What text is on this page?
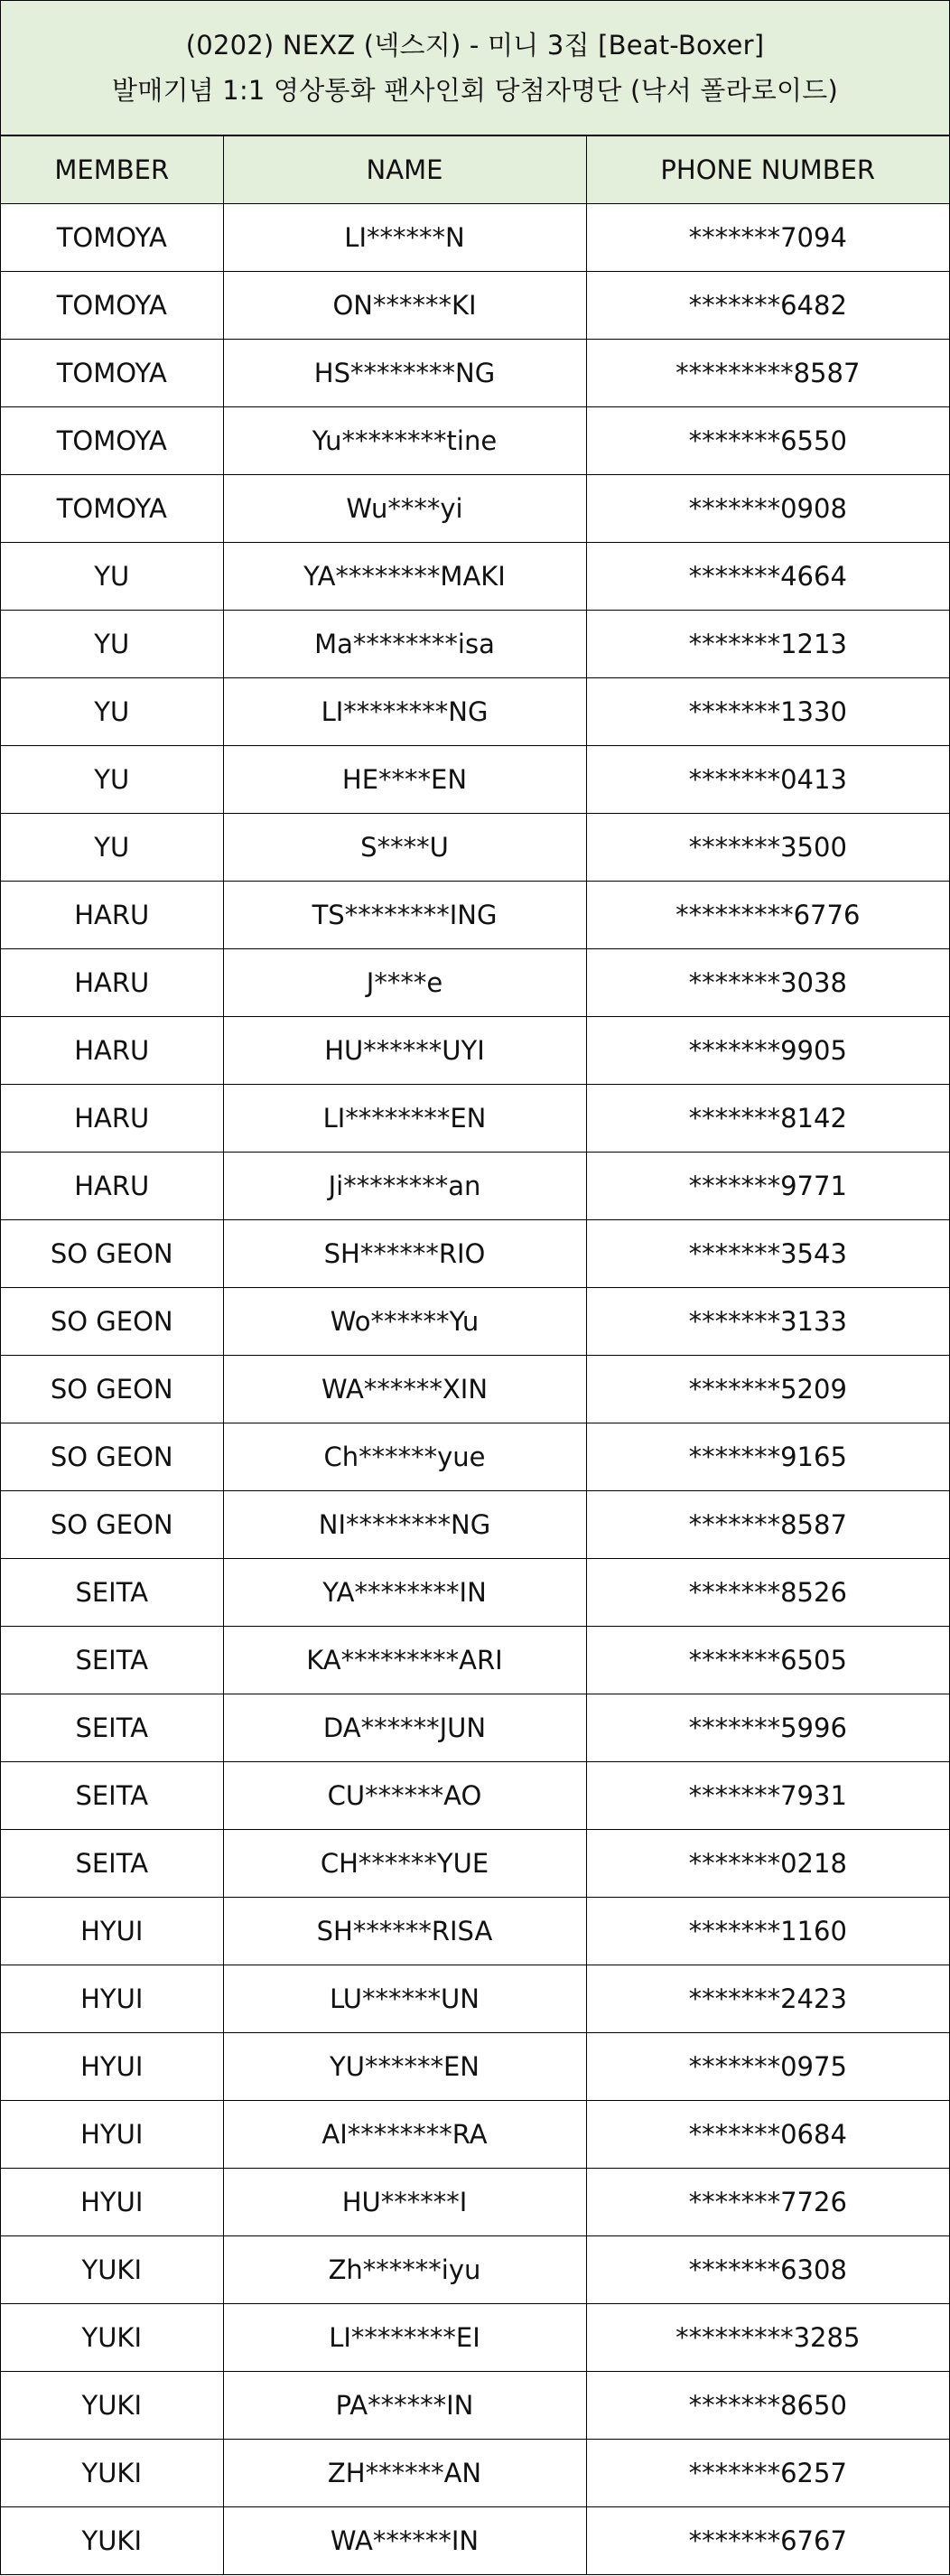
(0202) NEXZ (넥스지) - 미니 3집 [Beat-Boxer]
발매기념 1:1 영상통화 팬사인회 당첨자명단 (낙서 폴라로이드)
MEMBER	NAME	PHONE NUMBER
TOMOYA	LI******N	*******7094
TOMOYA	ON******KI	*******6482
TOMOYA	HS********NG	*********8587
TOMOYA	Yu********tine	*******6550
TOMOYA	Wu****yi	*******0908
YU	YA********MAKI	*******4664
YU	Ma********isa	*******1213
YU	LI********NG	*******1330
YU	HE****EN	*******0413
YU	S****U	*******3500
HARU	TS********ING	*********6776
HARU	J****e	*******3038
HARU	HU******UYI	*******9905
HARU	LI********EN	*******8142
HARU	Ji********an	*******9771
SO GEON	SH******RIO	*******3543
SO GEON	Wo******Yu	*******3133
SO GEON	WA******XIN	*******5209
SO GEON	Ch******yue	*******9165
SO GEON	NI********NG	*******8587
SEITA	YA********IN	*******8526
SEITA	KA*********ARI	*******6505
SEITA	DA******JUN	*******5996
SEITA	CU******AO	*******7931
SEITA	CH******YUE	*******0218
HYUI	SH******RISA	*******1160
HYUI	LU******UN	*******2423
HYUI	YU******EN	*******0975
HYUI	AI********RA	*******0684
HYUI	HU******I	*******7726
YUKI	Zh******iyu	*******6308
YUKI	LI********EI	*********3285
YUKI	PA******IN	*******8650
YUKI	ZH******AN	*******6257
YUKI	WA******IN	*******6767
